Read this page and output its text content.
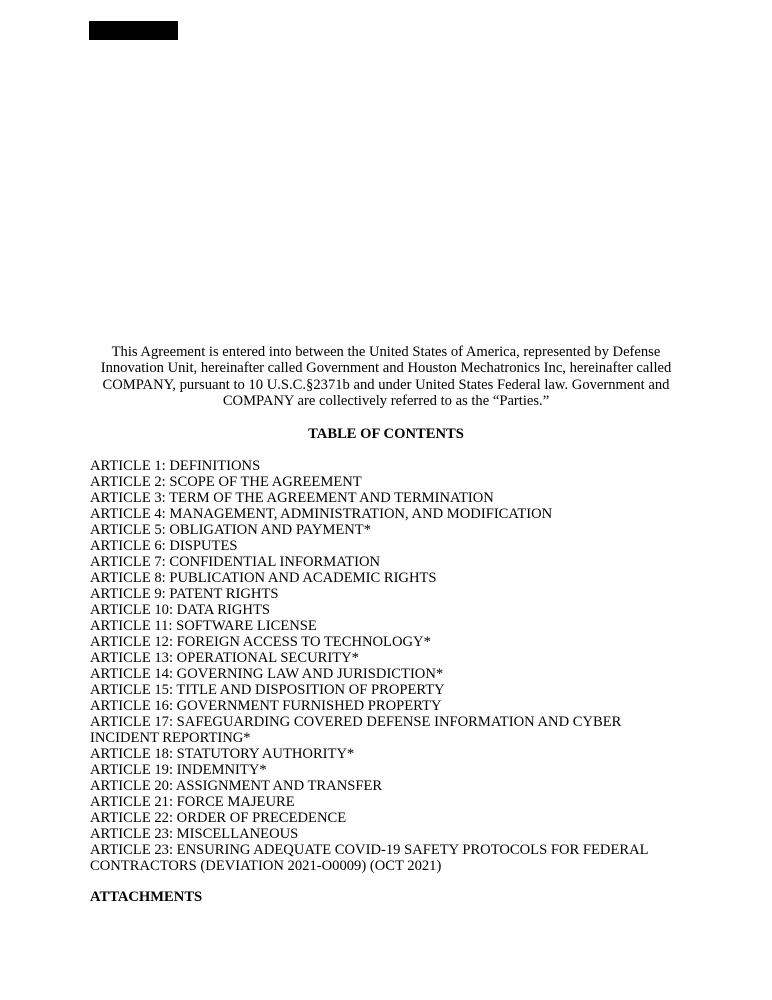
This Agreement is entered into between the United States of America, represented by Defense Innovation Unit, hereinafter called Government and Houston Mechatronics Inc, hereinafter called COMPANY, pursuant to 10 U.S.C.§2371b and under United States Federal law. Government and COMPANY are collectively referred to as the “Parties.”

TABLE OF CONTENTS
ARTICLE 1: DEFINITIONS
ARTICLE 2: SCOPE OF THE AGREEMENT
ARTICLE 3: TERM OF THE AGREEMENT AND TERMINATION
ARTICLE 4: MANAGEMENT, ADMINISTRATION, AND MODIFICATION
ARTICLE 5: OBLIGATION AND PAYMENT*
ARTICLE 6: DISPUTES
ARTICLE 7: CONFIDENTIAL INFORMATION
ARTICLE 8: PUBLICATION AND ACADEMIC RIGHTS
ARTICLE 9: PATENT RIGHTS
ARTICLE 10: DATA RIGHTS
ARTICLE 11: SOFTWARE LICENSE
ARTICLE 12: FOREIGN ACCESS TO TECHNOLOGY*
ARTICLE 13: OPERATIONAL SECURITY*
ARTICLE 14: GOVERNING LAW AND JURISDICTION*
ARTICLE 15: TITLE AND DISPOSITION OF PROPERTY
ARTICLE 16: GOVERNMENT FURNISHED PROPERTY
ARTICLE 17: SAFEGUARDING COVERED DEFENSE INFORMATION AND CYBER INCIDENT REPORTING*
ARTICLE 18: STATUTORY AUTHORITY*
ARTICLE 19: INDEMNITY*
ARTICLE 20: ASSIGNMENT AND TRANSFER
ARTICLE 21: FORCE MAJEURE
ARTICLE 22: ORDER OF PRECEDENCE
ARTICLE 23: MISCELLANEOUS
ARTICLE 23: ENSURING ADEQUATE COVID-19 SAFETY PROTOCOLS FOR FEDERAL CONTRACTORS (DEVIATION 2021-O0009) (OCT 2021)
ATTACHMENTS
